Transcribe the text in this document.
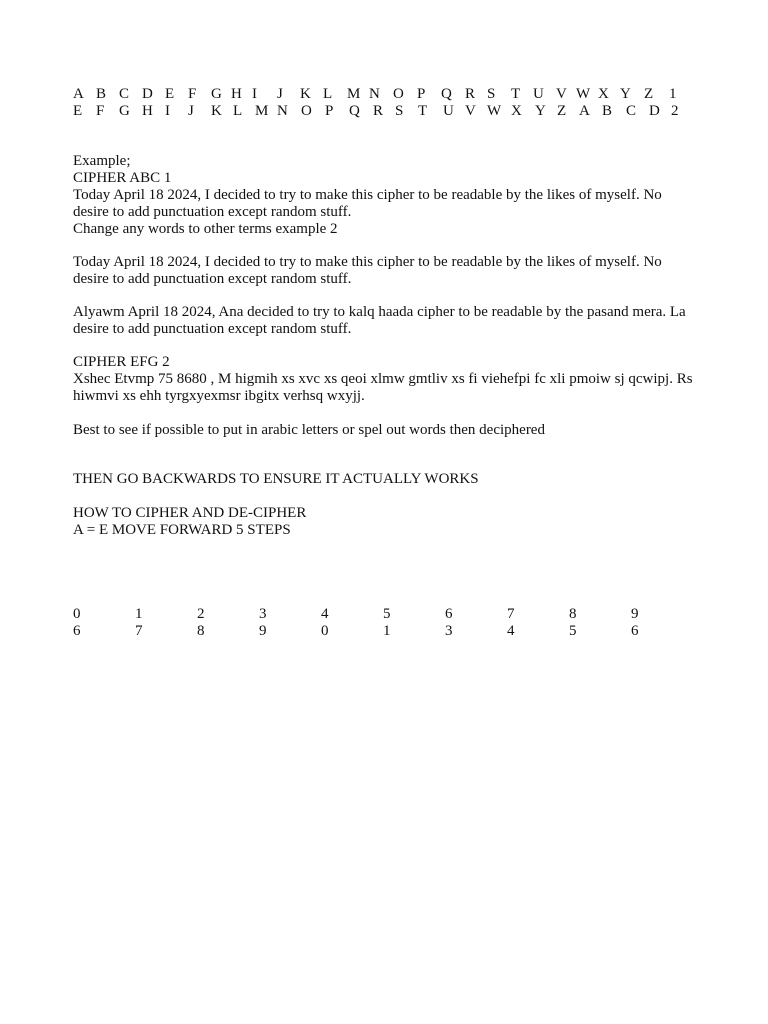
A B C D E F G H I J K L M N O P Q R S T U V W X Y Z 1
E F G H I J K L M N O P Q R S T U V W X Y Z A B C D 2
Example;
CIPHER ABC 1
Today April 18 2024, I decided to try to make this cipher to be readable by the likes of myself. No desire to add punctuation except random stuff.
Change any words to other terms example 2
Today April 18 2024, I decided to try to make this cipher to be readable by the likes of myself. No desire to add punctuation except random stuff.
Alyawm April 18 2024, Ana decided to try to kalq haada cipher to be readable by the pasand mera. La desire to add punctuation except random stuff.
CIPHER EFG 2
Xshec Etvmp 75 8680 , M higmih xs xvc xs qeoi xlmw gmtliv xs fi viehefpi fc xli pmoiw sj qcwipj. Rs hiwmvi xs ehh tyrgxyexmsr ibgitx verhsq wxyjj.
Best to see if possible to put in arabic letters or spel out words then deciphered
THEN GO BACKWARDS TO ENSURE IT ACTUALLY WORKS
HOW TO CIPHER AND DE-CIPHER
A = E MOVE FORWARD 5 STEPS
0	1	2	3	4	5	6	7	8	9
6	7	8	9	0	1	3	4	5	6
